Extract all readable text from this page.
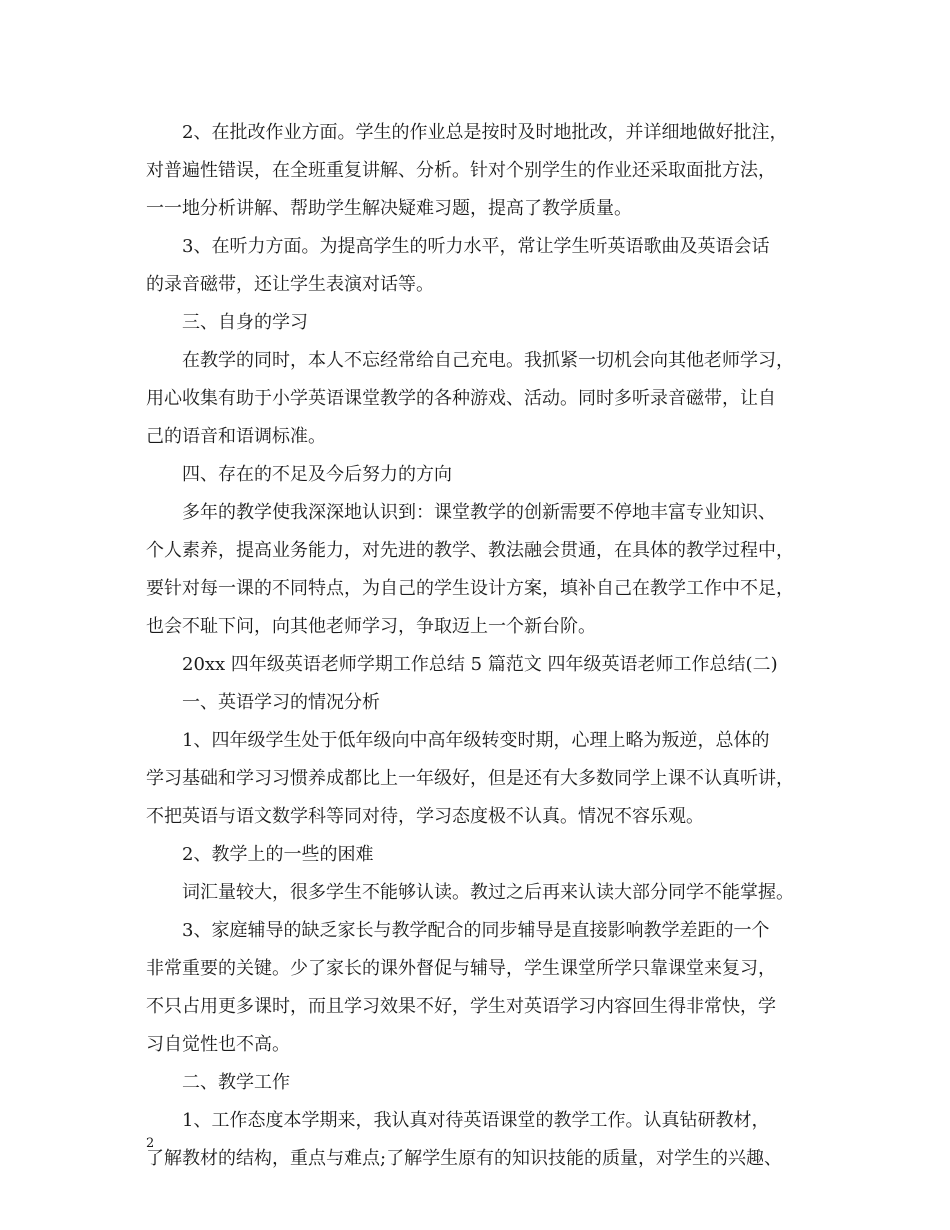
2、在批改作业方面。学生的作业总是按时及时地批改，并详细地做好批注，
对普遍性错误，在全班重复讲解、分析。针对个别学生的作业还采取面批方法，
一一地分析讲解、帮助学生解决疑难习题，提高了教学质量。
3、在听力方面。为提高学生的听力水平，常让学生听英语歌曲及英语会话
的录音磁带，还让学生表演对话等。
三、自身的学习
在教学的同时，本人不忘经常给自己充电。我抓紧一切机会向其他老师学习，
用心收集有助于小学英语课堂教学的各种游戏、活动。同时多听录音磁带，让自
己的语音和语调标准。
四、存在的不足及今后努力的方向
多年的教学使我深深地认识到：课堂教学的创新需要不停地丰富专业知识、
个人素养，提高业务能力，对先进的教学、教法融会贯通，在具体的教学过程中，
要针对每一课的不同特点，为自己的学生设计方案，填补自己在教学工作中不足，
也会不耻下问，向其他老师学习，争取迈上一个新台阶。
20xx 四年级英语老师学期工作总结 5 篇范文 四年级英语老师工作总结(二)
一、英语学习的情况分析
1、四年级学生处于低年级向中高年级转变时期，心理上略为叛逆，总体的
学习基础和学习习惯养成都比上一年级好，但是还有大多数同学上课不认真听讲，
不把英语与语文数学科等同对待，学习态度极不认真。情况不容乐观。
2、教学上的一些的困难
词汇量较大，很多学生不能够认读。教过之后再来认读大部分同学不能掌握。
3、家庭辅导的缺乏家长与教学配合的同步辅导是直接影响教学差距的一个
非常重要的关键。少了家长的课外督促与辅导，学生课堂所学只靠课堂来复习，
不只占用更多课时，而且学习效果不好，学生对英语学习内容回生得非常快，学
习自觉性也不高。
二、教学工作
1、工作态度本学期来，我认真对待英语课堂的教学工作。认真钻研教材，
了解教材的结构，重点与难点;了解学生原有的知识技能的质量，对学生的兴趣、
2
